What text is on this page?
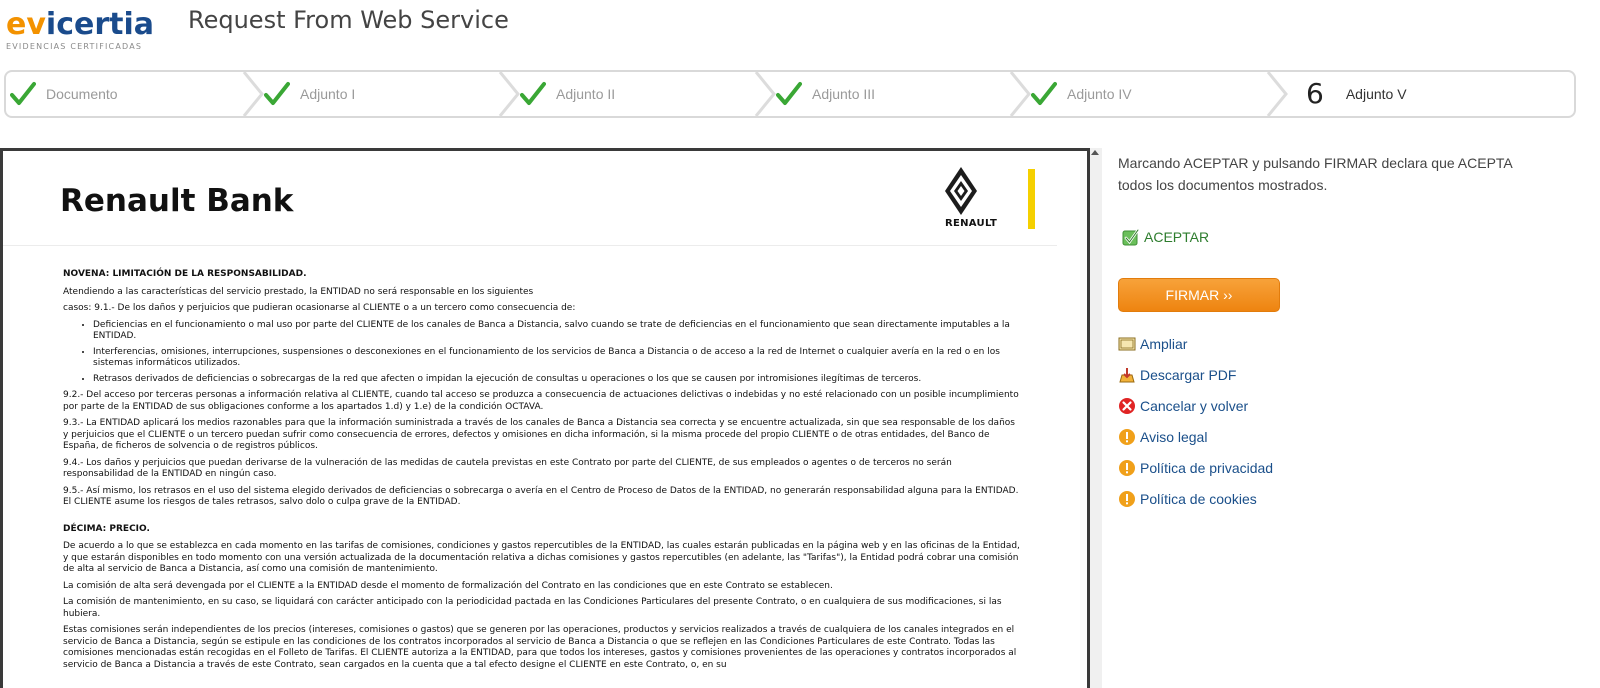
evicertia
EVIDENCIAS CERTIFICADAS
Request From Web Service
Documento	Adjunto I	Adjunto II	Adjunto III	Adjunto IV	6 Adjunto V
Renault Bank
RENAULT
NOVENA: LIMITACIÓN DE LA RESPONSABILIDAD.

Atendiendo a las características del servicio prestado, la ENTIDAD no será responsable en los siguientes

casos: 9.1.- De los daños y perjuicios que pudieran ocasionarse al CLIENTE o a un tercero como consecuencia de:

• Deficiencias en el funcionamiento o mal uso por parte del CLIENTE de los canales de Banca a Distancia, salvo cuando se trate de deficiencias en el funcionamiento que sean directamente imputables a la ENTIDAD.
• Interferencias, omisiones, interrupciones, suspensiones o desconexiones en el funcionamiento de los servicios de Banca a Distancia o de acceso a la red de Internet o cualquier avería en la red o en los sistemas informáticos utilizados.
• Retrasos derivados de deficiencias o sobrecargas de la red que afecten o impidan la ejecución de consultas u operaciones o los que se causen por intromisiones ilegítimas de terceros.

9.2.- Del acceso por terceras personas a información relativa al CLIENTE, cuando tal acceso se produzca a consecuencia de actuaciones delictivas o indebidas y no esté relacionado con un posible incumplimiento por parte de la ENTIDAD de sus obligaciones conforme a los apartados 1.d) y 1.e) de la condición OCTAVA.

9.3.- La ENTIDAD aplicará los medios razonables para que la información suministrada a través de los canales de Banca a Distancia sea correcta y se encuentre actualizada, sin que sea responsable de los daños y perjuicios que el CLIENTE o un tercero puedan sufrir como consecuencia de errores, defectos y omisiones en dicha información, si la misma procede del propio CLIENTE o de otras entidades, del Banco de España, de ficheros de solvencia o de registros públicos.

9.4.- Los daños y perjuicios que puedan derivarse de la vulneración de las medidas de cautela previstas en este Contrato por parte del CLIENTE, de sus empleados o agentes o de terceros no serán responsabilidad de la ENTIDAD en ningún caso.

9.5.- Así mismo, los retrasos en el uso del sistema elegido derivados de deficiencias o sobrecarga o avería en el Centro de Proceso de Datos de la ENTIDAD, no generarán responsabilidad alguna para la ENTIDAD. El CLIENTE asume los riesgos de tales retrasos, salvo dolo o culpa grave de la ENTIDAD.

DÉCIMA: PRECIO.

De acuerdo a lo que se establezca en cada momento en las tarifas de comisiones, condiciones y gastos repercutibles de la ENTIDAD, las cuales estarán publicadas en la página web y en las oficinas de la Entidad, y que estarán disponibles en todo momento con una versión actualizada de la documentación relativa a dichas comisiones y gastos repercutibles (en adelante, las "Tarifas"), la Entidad podrá cobrar una comisión de alta al servicio de Banca a Distancia, así como una comisión de mantenimiento.

La comisión de alta será devengada por el CLIENTE a la ENTIDAD desde el momento de formalización del Contrato en las condiciones que en este Contrato se establecen.

La comisión de mantenimiento, en su caso, se liquidará con carácter anticipado con la periodicidad pactada en las Condiciones Particulares del presente Contrato, o en cualquiera de sus modificaciones, si las hubiera.

Estas comisiones serán independientes de los precios (intereses, comisiones o gastos) que se generen por las operaciones, productos y servicios realizados a través de cualquiera de los canales integrados en el servicio de Banca a Distancia, según se estipule en las condiciones de los contratos incorporados al servicio de Banca a Distancia o que se reflejen en las Condiciones Particulares de este Contrato. Todas las comisiones mencionadas están recogidas en el Folleto de Tarifas. El CLIENTE autoriza a la ENTIDAD, para que todos los intereses, gastos y comisiones provenientes de las operaciones y contratos incorporados al servicio de Banca a Distancia a través de este Contrato, sean cargados en la cuenta que a tal efecto designe el CLIENTE en este Contrato, o, en su

Marcando ACEPTAR y pulsando FIRMAR declara que ACEPTA todos los documentos mostrados.
ACEPTAR
FIRMAR ››
Ampliar
Descargar PDF
Cancelar y volver
Aviso legal
Política de privacidad
Política de cookies
